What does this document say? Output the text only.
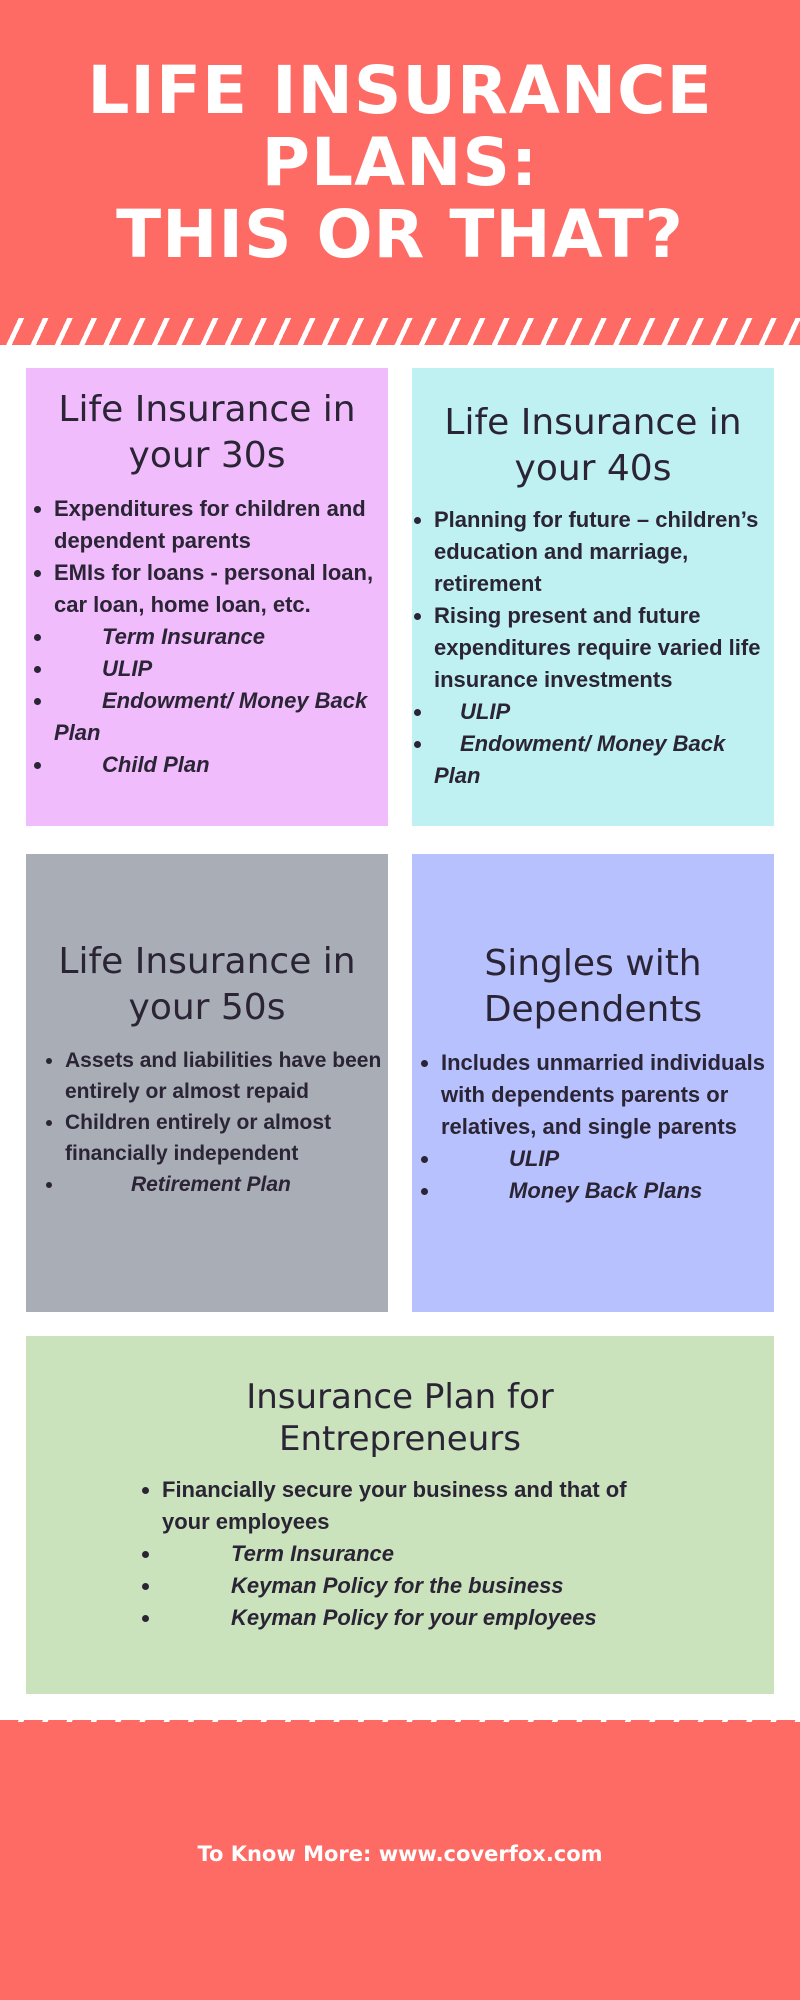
LIFE INSURANCE
PLANS:
THIS OR THAT?
Life Insurance in your 30s
• Expenditures for children and dependent parents
• EMIs for loans - personal loan, car loan, home loan, etc.
• Term Insurance
• ULIP
• Endowment/ Money Back Plan
• Child Plan
Life Insurance in your 40s
• Planning for future – children’s education and marriage, retirement
• Rising present and future expenditures require varied life insurance investments
• ULIP
• Endowment/ Money Back Plan
Life Insurance in your 50s
• Assets and liabilities have been entirely or almost repaid
• Children entirely or almost financially independent
• Retirement Plan
Singles with Dependents
• Includes unmarried individuals with dependents parents or relatives, and single parents
• ULIP
• Money Back Plans
Insurance Plan for Entrepreneurs
• Financially secure your business and that of your employees
• Term Insurance
• Keyman Policy for the business
• Keyman Policy for your employees
To Know More: www.coverfox.com
